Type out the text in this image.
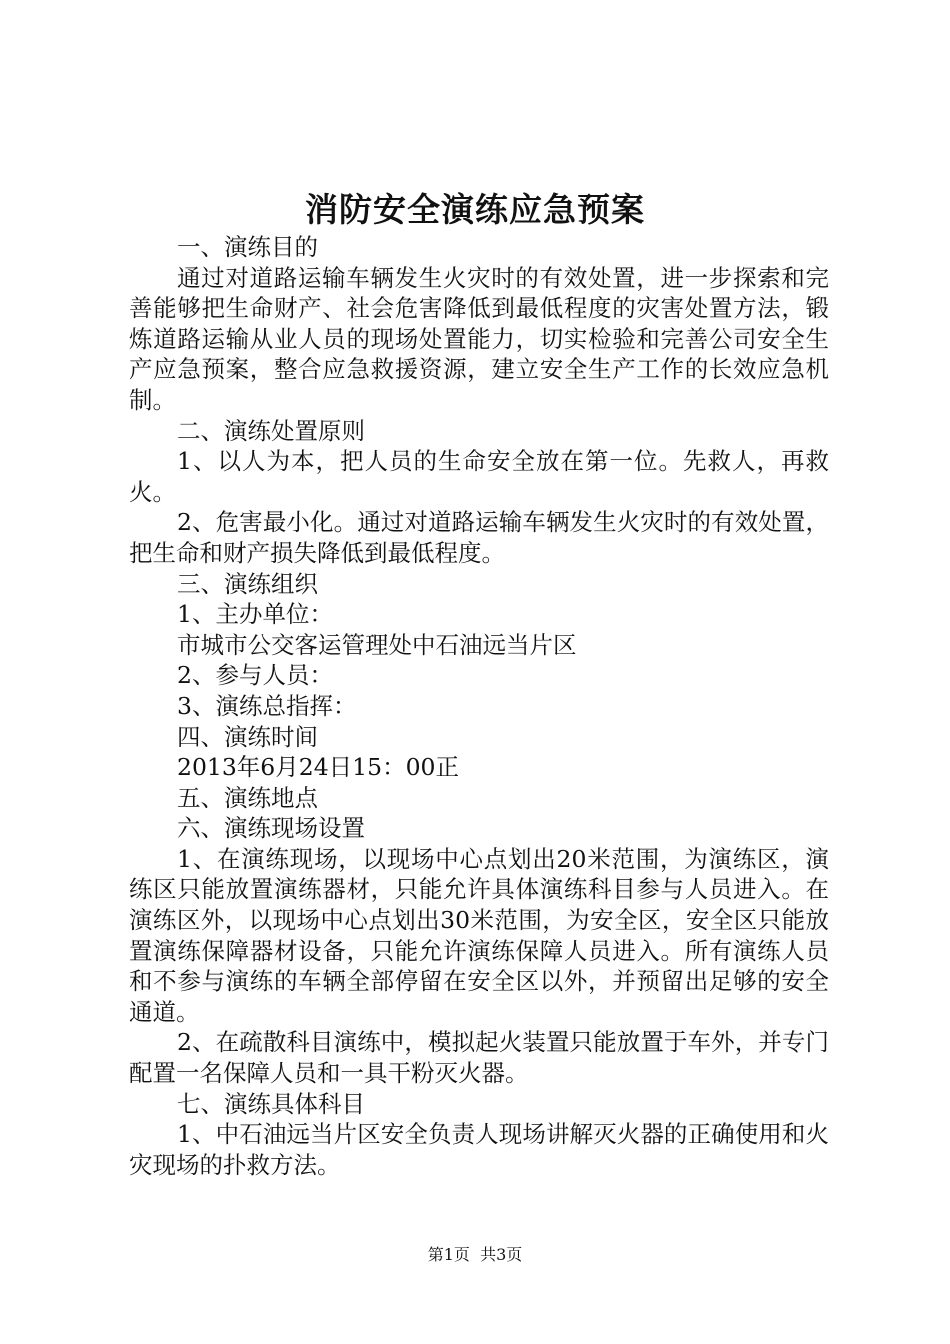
消防安全演练应急预案

一、演练目的

通过对道路运输车辆发生火灾时的有效处置，进一步探索和完善能够把生命财产、社会危害降低到最低程度的灾害处置方法，锻炼道路运输从业人员的现场处置能力，切实检验和完善公司安全生产应急预案，整合应急救援资源，建立安全生产工作的长效应急机制。

二、演练处置原则

1、以人为本，把人员的生命安全放在第一位。先救人，再救火。

2、危害最小化。通过对道路运输车辆发生火灾时的有效处置，把生命和财产损失降低到最低程度。

三、演练组织

1、主办单位：

市城市公交客运管理处中石油远当片区

2、参与人员：

3、演练总指挥：

四、演练时间

2013年6月24日15：00正

五、演练地点

六、演练现场设置

1、在演练现场，以现场中心点划出20米范围，为演练区，演练区只能放置演练器材，只能允许具体演练科目参与人员进入。在演练区外，以现场中心点划出30米范围，为安全区，安全区只能放置演练保障器材设备，只能允许演练保障人员进入。所有演练人员和不参与演练的车辆全部停留在安全区以外，并预留出足够的安全通道。

2、在疏散科目演练中，模拟起火装置只能放置于车外，并专门配置一名保障人员和一具干粉灭火器。

七、演练具体科目

1、中石油远当片区安全负责人现场讲解灭火器的正确使用和火灾现场的扑救方法。

第1页 共3页
